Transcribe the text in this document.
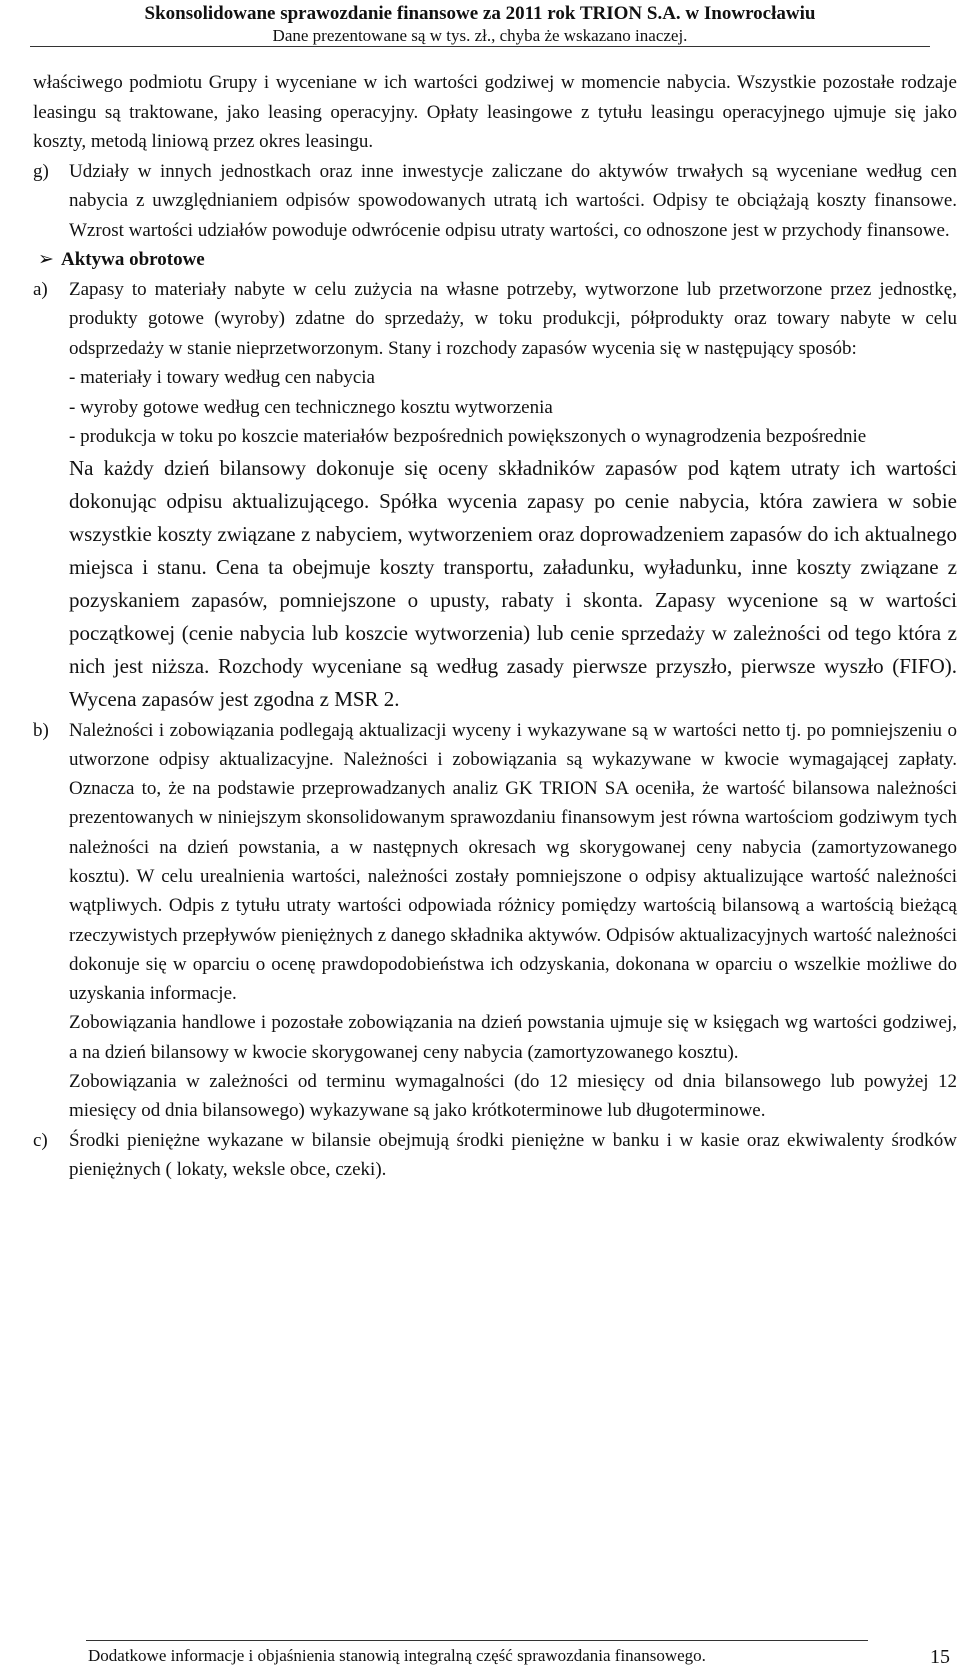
Skonsolidowane sprawozdanie finansowe za 2011 rok TRION S.A. w Inowrocławiu
Dane prezentowane są w tys. zł., chyba że wskazano inaczej.

właściwego podmiotu Grupy i wyceniane w ich wartości godziwej w momencie nabycia. Wszystkie pozostałe rodzaje leasingu są traktowane, jako leasing operacyjny. Opłaty leasingowe z tytułu leasingu operacyjnego ujmuje się jako koszty, metodą liniową przez okres leasingu.

g) Udziały w innych jednostkach oraz inne inwestycje zaliczane do aktywów trwałych są wyceniane według cen nabycia z uwzględnianiem odpisów spowodowanych utratą ich wartości. Odpisy te obciążają koszty finansowe. Wzrost wartości udziałów powoduje odwrócenie odpisu utraty wartości, co odnoszone jest w przychody finansowe.

➢ Aktywa obrotowe
a) Zapasy to materiały nabyte w celu zużycia na własne potrzeby, wytworzone lub przetworzone przez jednostkę, produkty gotowe (wyroby) zdatne do sprzedaży, w toku produkcji, półprodukty oraz towary nabyte w celu odsprzedaży w stanie nieprzetworzonym. Stany i rozchody zapasów wycenia się w następujący sposób:

- materiały i towary według cen nabycia

- wyroby gotowe według cen technicznego kosztu wytworzenia

- produkcja w toku po koszcie materiałów bezpośrednich powiększonych o wynagrodzenia bezpośrednie

Na każdy dzień bilansowy dokonuje się oceny składników zapasów pod kątem utraty ich wartości dokonując odpisu aktualizującego. Spółka wycenia zapasy po cenie nabycia, która zawiera w sobie wszystkie koszty związane z nabyciem, wytworzeniem oraz doprowadzeniem zapasów do ich aktualnego miejsca i stanu. Cena ta obejmuje koszty transportu, załadunku, wyładunku, inne koszty związane z pozyskaniem zapasów, pomniejszone o upusty, rabaty i skonta. Zapasy wycenione są w wartości początkowej (cenie nabycia lub koszcie wytworzenia) lub cenie sprzedaży w zależności od tego która z nich jest niższa. Rozchody wyceniane są według zasady pierwsze przyszło, pierwsze wyszło (FIFO). Wycena zapasów jest zgodna z MSR 2.

b) Należności i zobowiązania podlegają aktualizacji wyceny i wykazywane są w wartości netto tj. po pomniejszeniu o utworzone odpisy aktualizacyjne. Należności i zobowiązania są wykazywane w kwocie wymagającej zapłaty. Oznacza to, że na podstawie przeprowadzanych analiz GK TRION SA oceniła, że wartość bilansowa należności prezentowanych w niniejszym skonsolidowanym sprawozdaniu finansowym jest równa wartościom godziwym tych należności na dzień powstania, a w następnych okresach wg skorygowanej ceny nabycia (zamortyzowanego kosztu). W celu urealnienia wartości, należności zostały pomniejszone o odpisy aktualizujące wartość należności wątpliwych. Odpis z tytułu utraty wartości odpowiada różnicy pomiędzy wartością bilansową a wartością bieżącą rzeczywistych przepływów pieniężnych z danego składnika aktywów. Odpisów aktualizacyjnych wartość należności dokonuje się w oparciu o ocenę prawdopodobieństwa ich odzyskania, dokonana w oparciu o wszelkie możliwe do uzyskania informacje.

Zobowiązania handlowe i pozostałe zobowiązania na dzień powstania ujmuje się w księgach wg wartości godziwej, a na dzień bilansowy w kwocie skorygowanej ceny nabycia (zamortyzowanego kosztu).

Zobowiązania w zależności od terminu wymagalności (do 12 miesięcy od dnia bilansowego lub powyżej 12 miesięcy od dnia bilansowego) wykazywane są jako krótkoterminowe lub długoterminowe.

c) Środki pieniężne wykazane w bilansie obejmują środki pieniężne w banku i w kasie oraz ekwiwalenty środków pieniężnych ( lokaty, weksle obce, czeki).

Dodatkowe informacje i objaśnienia stanowią integralną część sprawozdania finansowego.	15
